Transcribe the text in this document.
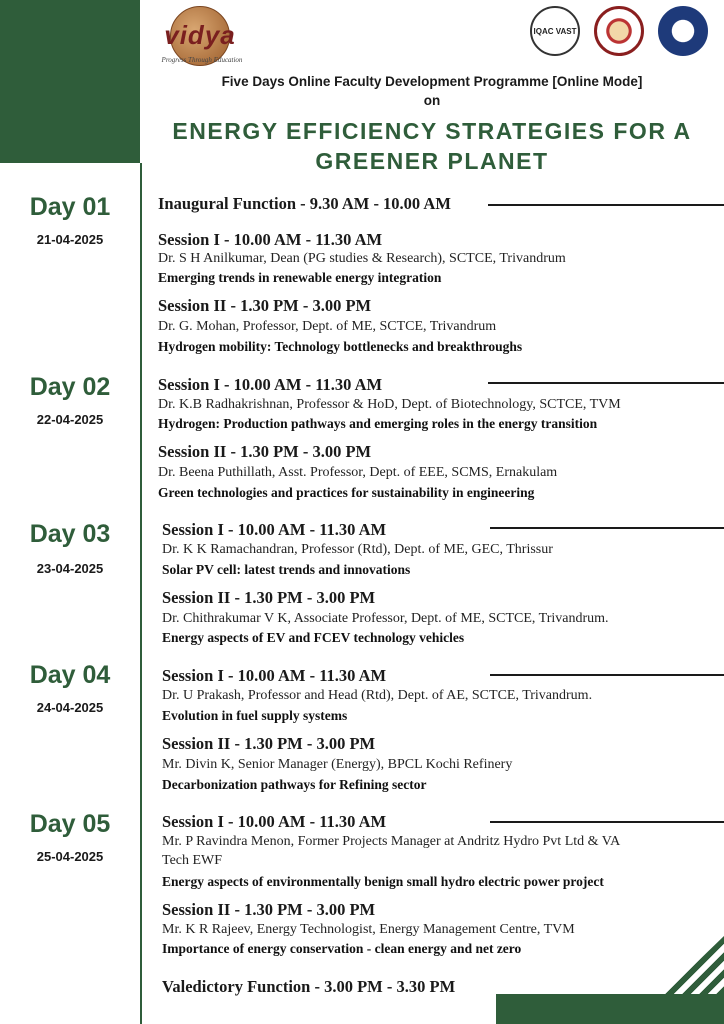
vidya
Progress Through Education
IQAC VAST	ISTE
Five Days Online Faculty Development Programme [Online Mode]
on
ENERGY EFFICIENCY STRATEGIES FOR A
GREENER PLANET
Day 01
21-04-2025
Inaugural Function - 9.30 AM - 10.00 AM
Session I - 10.00 AM - 11.30 AM
Dr. S H Anilkumar, Dean (PG studies & Research), SCTCE, Trivandrum
Emerging trends in renewable energy integration
Session II - 1.30 PM - 3.00 PM
Dr. G. Mohan, Professor, Dept. of ME, SCTCE, Trivandrum
Hydrogen mobility: Technology bottlenecks and breakthroughs
Day 02
22-04-2025
Session I - 10.00 AM - 11.30 AM
Dr. K.B Radhakrishnan, Professor & HoD, Dept. of Biotechnology, SCTCE, TVM
Hydrogen: Production pathways and emerging roles in the energy transition
Session II - 1.30 PM - 3.00 PM
Dr. Beena Puthillath, Asst. Professor, Dept. of EEE, SCMS, Ernakulam
Green technologies and practices for sustainability in engineering
Day 03
23-04-2025
Session I - 10.00 AM - 11.30 AM
Dr. K K Ramachandran, Professor (Rtd), Dept. of ME, GEC, Thrissur
Solar PV cell: latest trends and innovations
Session II - 1.30 PM - 3.00 PM
Dr. Chithrakumar V K, Associate Professor, Dept. of ME, SCTCE, Trivandrum.
Energy aspects of EV and FCEV technology vehicles
Day 04
24-04-2025
Session I - 10.00 AM - 11.30 AM
Dr. U Prakash, Professor and Head (Rtd), Dept. of AE, SCTCE, Trivandrum.
Evolution in fuel supply systems
Session II - 1.30 PM - 3.00 PM
Mr. Divin K, Senior Manager (Energy), BPCL Kochi Refinery
Decarbonization pathways for Refining sector
Day 05
25-04-2025
Session I - 10.00 AM - 11.30 AM
Mr. P Ravindra Menon, Former Projects Manager at Andritz Hydro Pvt Ltd & VA
Tech EWF
Energy aspects of environmentally benign small hydro electric power project
Session II - 1.30 PM - 3.00 PM
Mr. K R Rajeev, Energy Technologist, Energy Management Centre, TVM
Importance of energy conservation - clean energy and net zero
Valedictory Function - 3.00 PM - 3.30 PM
